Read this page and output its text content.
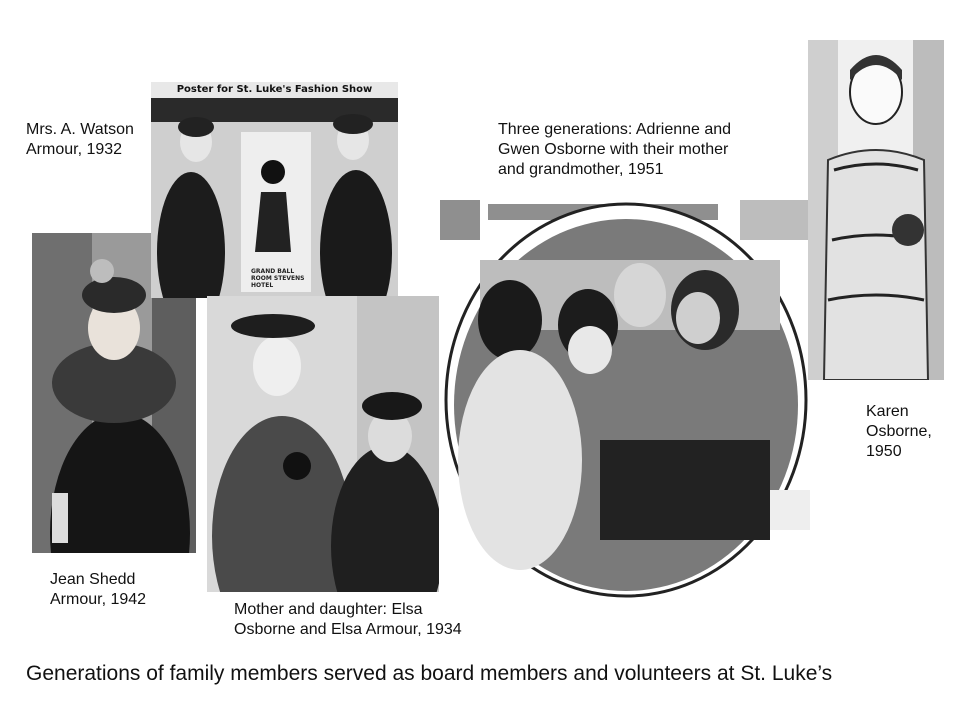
Jean Shedd
Armour, 1942
Poster for St. Luke's Fashion Show
GRAND BALL ROOM STEVENS HOTEL
Mrs. A. Watson
Armour, 1932
Mother and daughter: Elsa
Osborne and Elsa Armour, 1934
Three generations: Adrienne and
Gwen Osborne with their mother
and grandmother, 1951
Karen
Osborne,
1950
Generations of family members served as board members and volunteers at St. Luke’s
